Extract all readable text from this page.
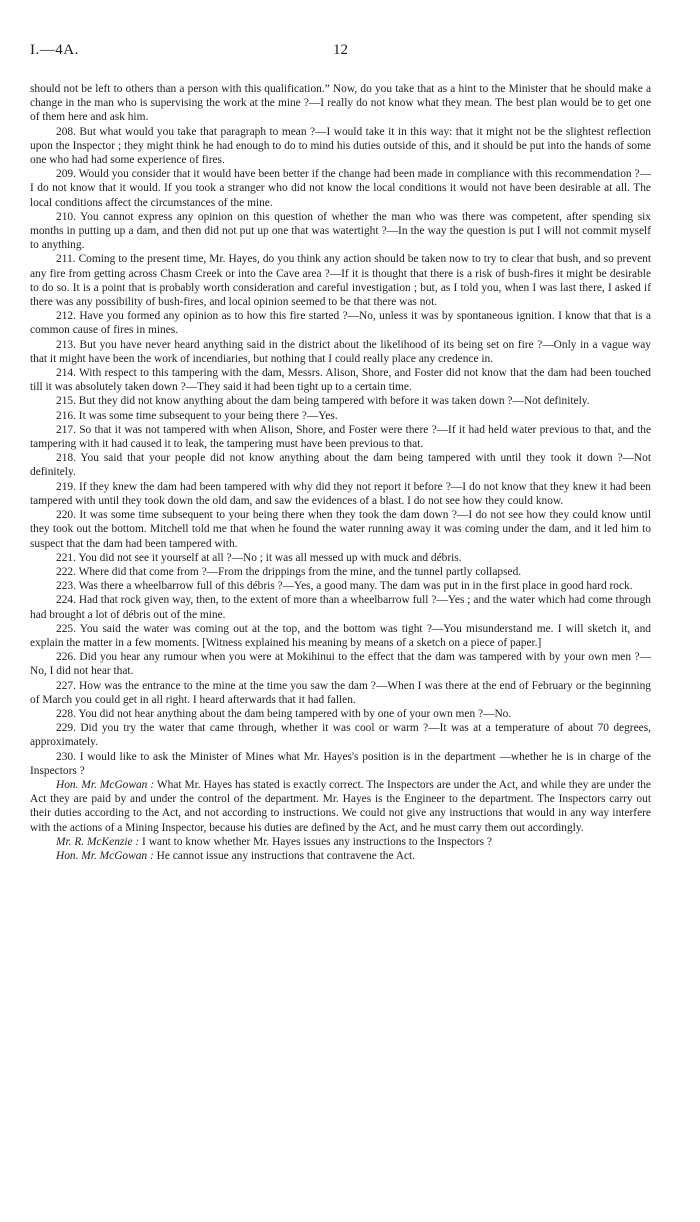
I.—4A.	12

should not be left to others than a person with this qualification.” Now, do you take that as a hint to the Minister that he should make a change in the man who is supervising the work at the mine ?—I really do not know what they mean. The best plan would be to get one of them here and ask him.

208. But what would you take that paragraph to mean ?—I would take it in this way: that it might not be the slightest reflection upon the Inspector ; they might think he had enough to do to mind his duties outside of this, and it should be put into the hands of some one who had had some experience of fires.

209. Would you consider that it would have been better if the change had been made in compliance with this recommendation ?—I do not know that it would. If you took a stranger who did not know the local conditions it would not have been desirable at all. The local conditions affect the circumstances of the mine.

210. You cannot express any opinion on this question of whether the man who was there was competent, after spending six months in putting up a dam, and then did not put up one that was watertight ?—In the way the question is put I will not commit myself to anything.

211. Coming to the present time, Mr. Hayes, do you think any action should be taken now to try to clear that bush, and so prevent any fire from getting across Chasm Creek or into the Cave area ?—If it is thought that there is a risk of bush-fires it might be desirable to do so. It is a point that is probably worth consideration and careful investigation ; but, as I told you, when I was last there, I asked if there was any possibility of bush-fires, and local opinion seemed to be that there was not.

212. Have you formed any opinion as to how this fire started ?—No, unless it was by spontaneous ignition. I know that that is a common cause of fires in mines.

213. But you have never heard anything said in the district about the likelihood of its being set on fire ?—Only in a vague way that it might have been the work of incendiaries, but nothing that I could really place any credence in.

214. With respect to this tampering with the dam, Messrs. Alison, Shore, and Foster did not know that the dam had been touched till it was absolutely taken down ?—They said it had been tight up to a certain time.

215. But they did not know anything about the dam being tampered with before it was taken down ?—Not definitely.

216. It was some time subsequent to your being there ?—Yes.

217. So that it was not tampered with when Alison, Shore, and Foster were there ?—If it had held water previous to that, and the tampering with it had caused it to leak, the tampering must have been previous to that.

218. You said that your people did not know anything about the dam being tampered with until they took it down ?—Not definitely.

219. If they knew the dam had been tampered with why did they not report it before ?—I do not know that they knew it had been tampered with until they took down the old dam, and saw the evidences of a blast. I do not see how they could know.

220. It was some time subsequent to your being there when they took the dam down ?—I do not see how they could know until they took out the bottom. Mitchell told me that when he found the water running away it was coming under the dam, and it led him to suspect that the dam had been tampered with.

221. You did not see it yourself at all ?—No ; it was all messed up with muck and débris.

222. Where did that come from ?—From the drippings from the mine, and the tunnel partly collapsed.

223. Was there a wheelbarrow full of this débris ?—Yes, a good many. The dam was put in in the first place in good hard rock.

224. Had that rock given way, then, to the extent of more than a wheelbarrow full ?—Yes ; and the water which had come through had brought a lot of débris out of the mine.

225. You said the water was coming out at the top, and the bottom was tight ?—You misunderstand me. I will sketch it, and explain the matter in a few moments. [Witness explained his meaning by means of a sketch on a piece of paper.]

226. Did you hear any rumour when you were at Mokihinui to the effect that the dam was tampered with by your own men ?—No, I did not hear that.

227. How was the entrance to the mine at the time you saw the dam ?—When I was there at the end of February or the beginning of March you could get in all right. I heard afterwards that it had fallen.

228. You did not hear anything about the dam being tampered with by one of your own men ?—No.

229. Did you try the water that came through, whether it was cool or warm ?—It was at a temperature of about 70 degrees, approximately.

230. I would like to ask the Minister of Mines what Mr. Hayes's position is in the department —whether he is in charge of the Inspectors ?

Hon. Mr. McGowan : What Mr. Hayes has stated is exactly correct. The Inspectors are under the Act, and while they are under the Act they are paid by and under the control of the department. Mr. Hayes is the Engineer to the department. The Inspectors carry out their duties according to the Act, and not according to instructions. We could not give any instructions that would in any way interfere with the actions of a Mining Inspector, because his duties are defined by the Act, and he must carry them out accordingly.

Mr. R. McKenzie : I want to know whether Mr. Hayes issues any instructions to the Inspectors ?

Hon. Mr. McGowan : He cannot issue any instructions that contravene the Act.
